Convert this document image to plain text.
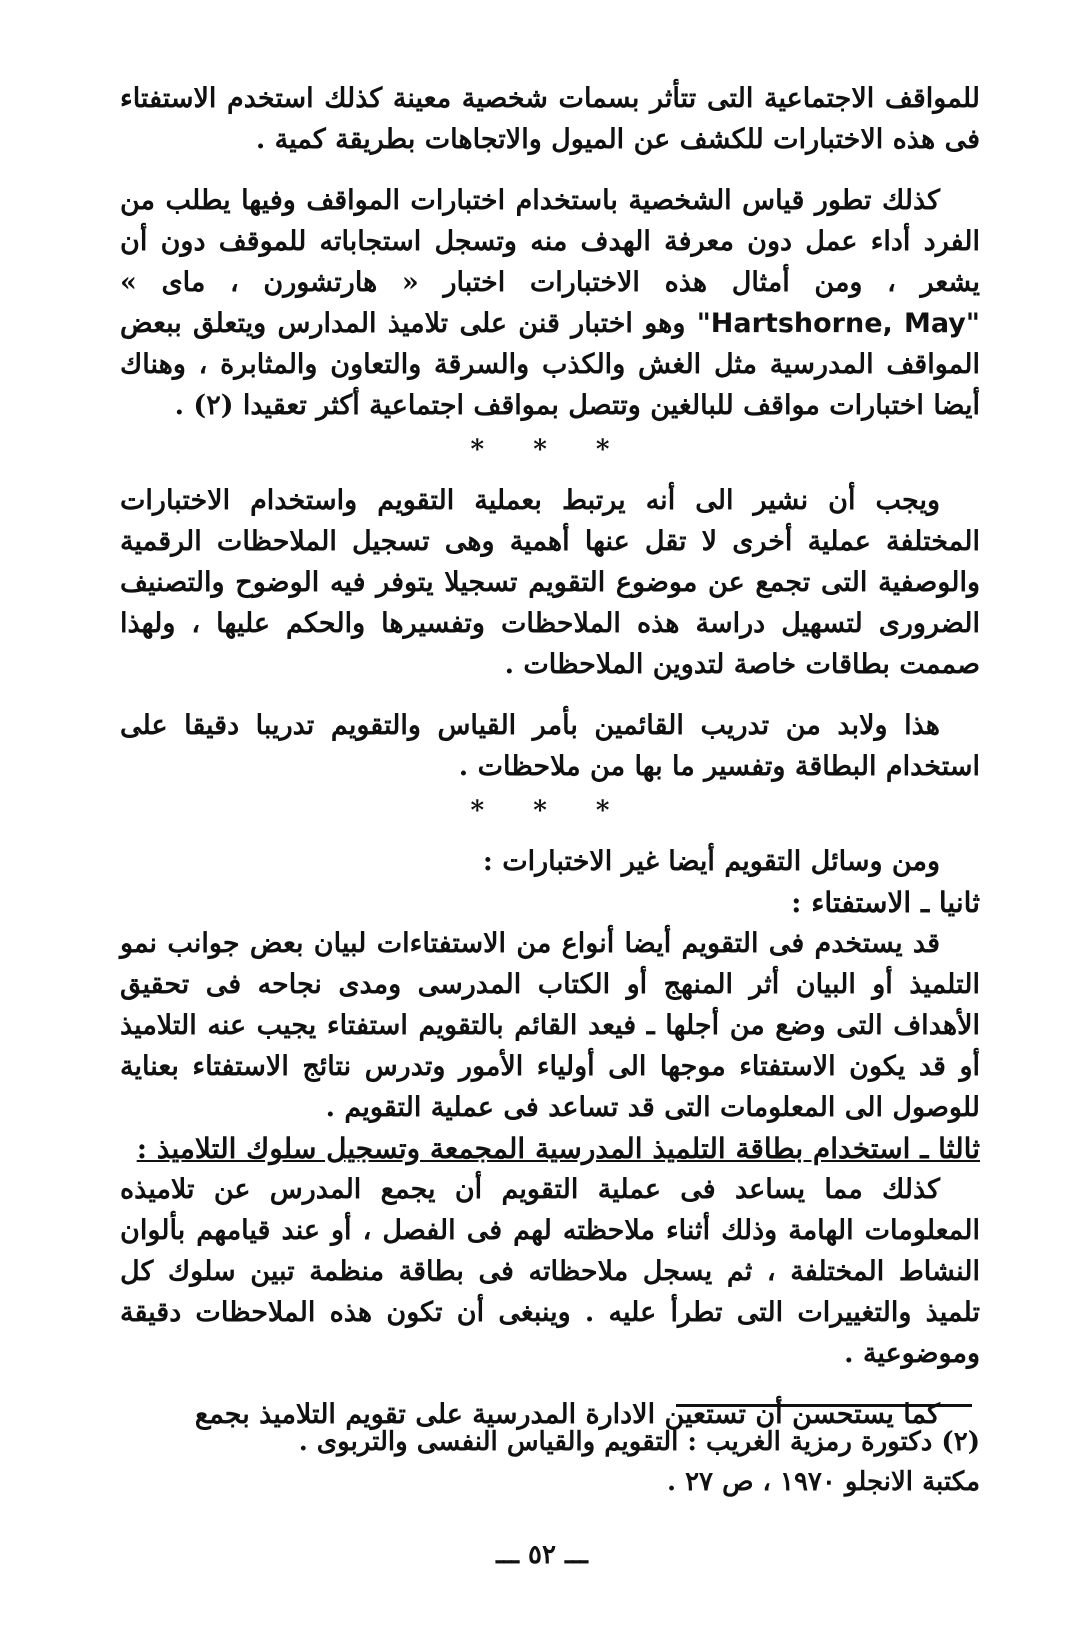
للمواقف الاجتماعية التى تتأثر بسمات شخصية معينة كذلك استخدم الاستفتاء فى هذه الاختبارات للكشف عن الميول والاتجاهات بطريقة كمية .

كذلك تطور قياس الشخصية باستخدام اختبارات المواقف وفيها يطلب من الفرد أداء عمل دون معرفة الهدف منه وتسجل استجاباته للموقف دون أن يشعر ، ومن أمثال هذه الاختبارات اختبار « هارتشورن ، ماى » "Hartshorne, May" وهو اختبار قنن على تلاميذ المدارس ويتعلق ببعض المواقف المدرسية مثل الغش والكذب والسرقة والتعاون والمثابرة ، وهناك أيضا اختبارات مواقف للبالغين وتتصل بمواقف اجتماعية أكثر تعقيدا (٢) .

* * *

ويجب أن نشير الى أنه يرتبط بعملية التقويم واستخدام الاختبارات المختلفة عملية أخرى لا تقل عنها أهمية وهى تسجيل الملاحظات الرقمية والوصفية التى تجمع عن موضوع التقويم تسجيلا يتوفر فيه الوضوح والتصنيف الضرورى لتسهيل دراسة هذه الملاحظات وتفسيرها والحكم عليها ، ولهذا صممت بطاقات خاصة لتدوين الملاحظات .

هذا ولابد من تدريب القائمين بأمر القياس والتقويم تدريبا دقيقا على استخدام البطاقة وتفسير ما بها من ملاحظات .

* * *

ومن وسائل التقويم أيضا غير الاختبارات :

ثانيا ـ الاستفتاء :

قد يستخدم فى التقويم أيضا أنواع من الاستفتاءات لبيان بعض جوانب نمو التلميذ أو البيان أثر المنهج أو الكتاب المدرسى ومدى نجاحه فى تحقيق الأهداف التى وضع من أجلها ـ فيعد القائم بالتقويم استفتاء يجيب عنه التلاميذ أو قد يكون الاستفتاء موجها الى أولياء الأمور وتدرس نتائج الاستفتاء بعناية للوصول الى المعلومات التى قد تساعد فى عملية التقويم .

ثالثا ـ استخدام بطاقة التلميذ المدرسية المجمعة وتسجيل سلوك التلاميذ :

كذلك مما يساعد فى عملية التقويم أن يجمع المدرس عن تلاميذه المعلومات الهامة وذلك أثناء ملاحظته لهم فى الفصل ، أو عند قيامهم بألوان النشاط المختلفة ، ثم يسجل ملاحظاته فى بطاقة منظمة تبين سلوك كل تلميذ والتغييرات التى تطرأ عليه . وينبغى أن تكون هذه الملاحظات دقيقة وموضوعية .

كما يستحسن أن تستعين الادارة المدرسية على تقويم التلاميذ بجمع

(٢) دكتورة رمزية الغريب : التقويم والقياس النفسى والتربوى .

مكتبة الانجلو ١٩٧٠ ، ص ٢٧ .

ـــ ٥٢ ـــ
